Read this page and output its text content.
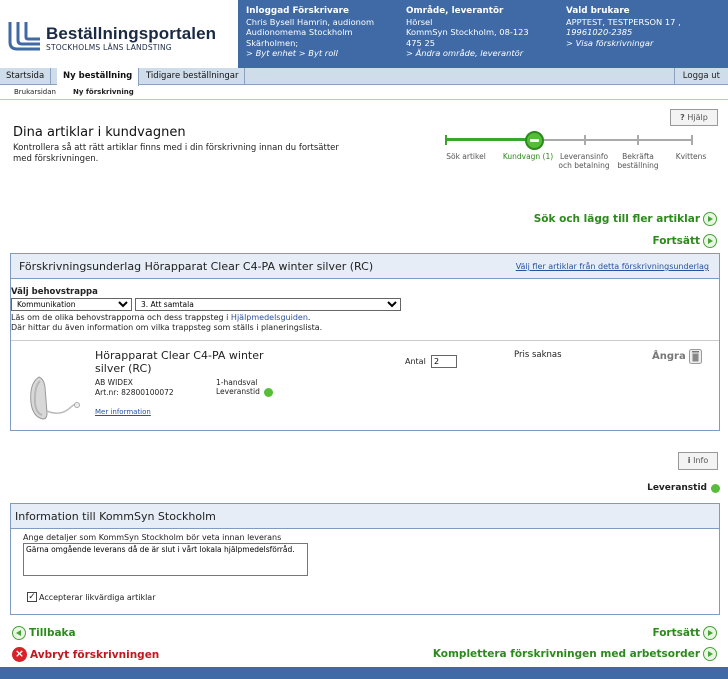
Beställningsportalen
STOCKHOLMS LÄNS LANDSTING
Inloggad Förskrivare
Chris Bysell Hamrin, audionom
Audionomema Stockholm
Skärholmen;
> Byt enhet > Byt roll
Område, leverantör
Hörsel
KommSyn Stockholm, 08-123
475 25
> Ändra område, leverantör
Vald brukare
APPTEST, TESTPERSON 17 ,
19961020-2385
> Visa förskrivningar
Startsida	Ny beställning	Tidigare beställningar	Logga ut
Brukarsidan Ny förskrivning
? Hjälp
Dina artiklar i kundvagnen
Kontrollera så att rätt artiklar finns med i din förskrivning innan du fortsätter med förskrivningen.	Sök artikel	Kundvagn (1) Leveransinfo och betalning
Bekräfta beställning
Kvittens
Sök och lägg till fler artiklar
Fortsätt
Förskrivningsunderlag Hörapparat Clear C4-PA winter silver (RC)	Välj fler artiklar från detta förskrivningsunderlag
Välj behovstrappa
Kommunikation
3. Att samtala
Läs om de olika behovstrapporna och dess trappsteg i Hjälpmedelsguiden.
Där hittar du även information om vilka trappsteg som ställs i planeringslista.
Hörapparat Clear C4-PA winter silver (RC)
AB WIDEX
Art.nr: 82800100072
1-handsval
Leveranstid
Mer information
Antal
2
Pris saknas	Ångra
i Info
Leveranstid
Information till KommSyn Stockholm
Ange detaljer som KommSyn Stockholm bör veta innan leverans
Gärna omgående leverans då de är slut i vårt lokala hjälpmedelsförråd.
✓ Accepterar likvärdiga artiklar
Tillbaka
× Avbryt förskrivningen
Fortsätt
Komplettera förskrivningen med arbetsorder
